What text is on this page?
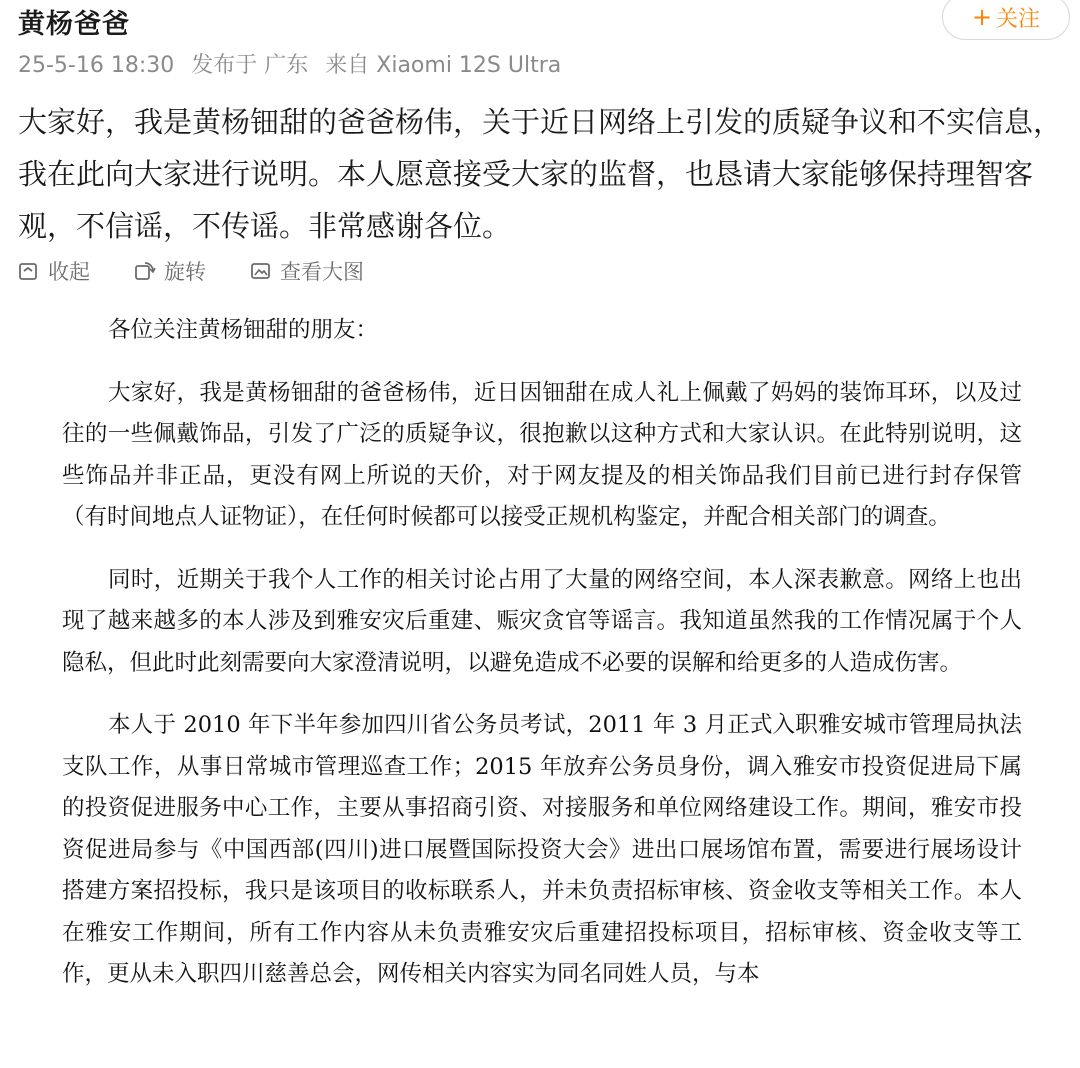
黄杨爸爸
25-5-16 18:30 发布于 广东 来自 Xiaomi 12S Ultra
+ 关注

大家好，我是黄杨钿甜的爸爸杨伟，关于近日网络上引发的质疑争议和不实信息，我在此向大家进行说明。本人愿意接受大家的监督，也恳请大家能够保持理智客观，不信谣，不传谣。非常感谢各位。

收起	旋转	查看大图

各位关注黄杨钿甜的朋友：

大家好，我是黄杨钿甜的爸爸杨伟，近日因钿甜在成人礼上佩戴了妈妈的装饰耳环，以及过往的一些佩戴饰品，引发了广泛的质疑争议，很抱歉以这种方式和大家认识。在此特别说明，这些饰品并非正品，更没有网上所说的天价，对于网友提及的相关饰品我们目前已进行封存保管（有时间地点人证物证），在任何时候都可以接受正规机构鉴定，并配合相关部门的调查。

同时，近期关于我个人工作的相关讨论占用了大量的网络空间，本人深表歉意。网络上也出现了越来越多的本人涉及到雅安灾后重建、赈灾贪官等谣言。我知道虽然我的工作情况属于个人隐私，但此时此刻需要向大家澄清说明，以避免造成不必要的误解和给更多的人造成伤害。

本人于 2010 年下半年参加四川省公务员考试，2011 年 3 月正式入职雅安城市管理局执法支队工作，从事日常城市管理巡查工作；2015 年放弃公务员身份，调入雅安市投资促进局下属的投资促进服务中心工作，主要从事招商引资、对接服务和单位网络建设工作。期间，雅安市投资促进局参与《中国西部(四川)进口展暨国际投资大会》进出口展场馆布置，需要进行展场设计搭建方案招投标，我只是该项目的收标联系人，并未负责招标审核、资金收支等相关工作。本人在雅安工作期间，所有工作内容从未负责雅安灾后重建招投标项目，招标审核、资金收支等工作，更从未入职四川慈善总会，网传相关内容实为同名同姓人员，与本
